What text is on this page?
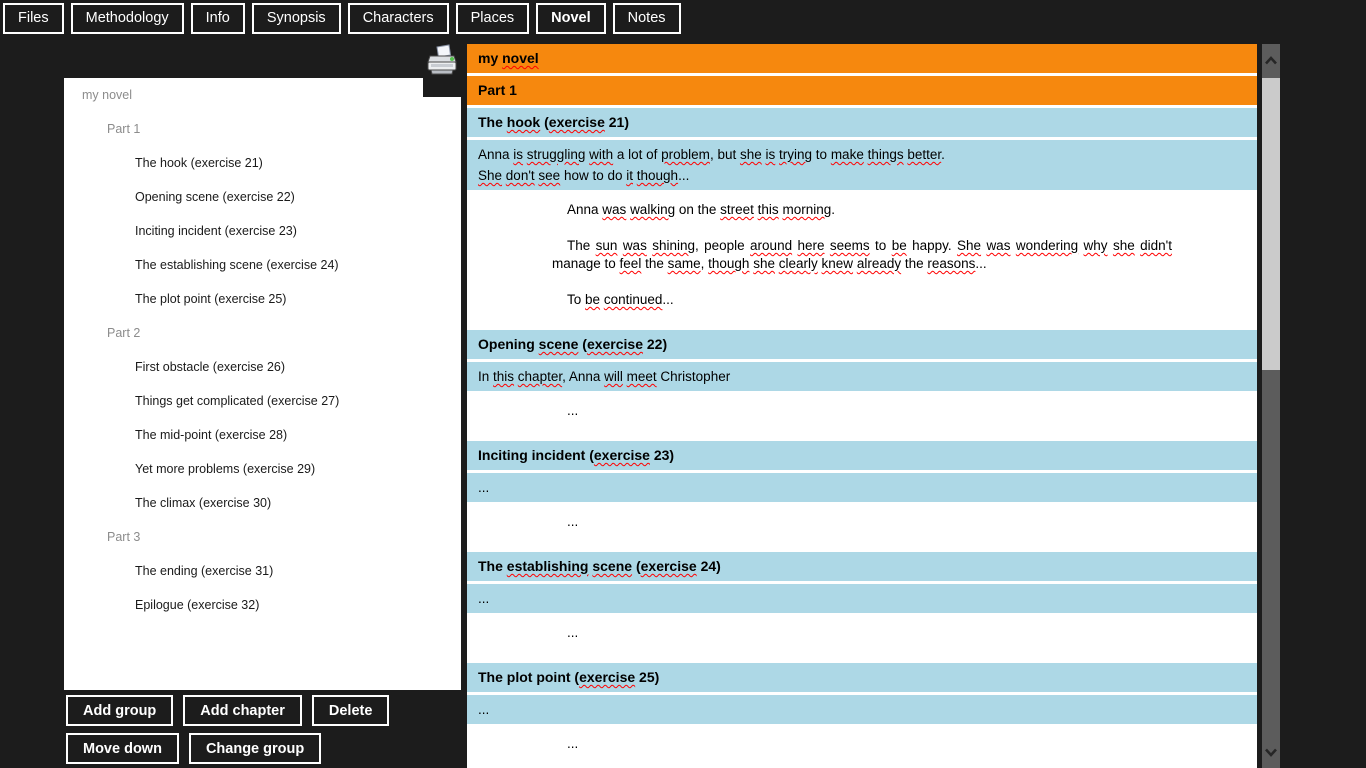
Files	Methodology	Info	Synopsis	Characters	Places	Novel	Notes
my novel
Part 1
The hook (exercise 21)
Opening scene (exercise 22)
Inciting incident (exercise 23)
The establishing scene (exercise 24)
The plot point (exercise 25)
Part 2
First obstacle (exercise 26)
Things get complicated (exercise 27)
The mid-point (exercise 28)
Yet more problems (exercise 29)
The climax (exercise 30)
Part 3
The ending (exercise 31)
Epilogue (exercise 32)
Add group	Add chapter	Delete
Move down	Change group
my novel
Part 1
The hook (exercise 21)
Anna is struggling with a lot of problem, but she is trying to make things better.
She don't see how to do it though...
Anna was walking on the street this morning.
The sun was shining, people around here seems to be happy. She was wondering why she didn't manage to feel the same, though she clearly knew already the reasons...
To be continued...
Opening scene (exercise 22)
In this chapter, Anna will meet Christopher
...
Inciting incident (exercise 23)
...
...
The establishing scene (exercise 24)
...
...
The plot point (exercise 25)
...
...
